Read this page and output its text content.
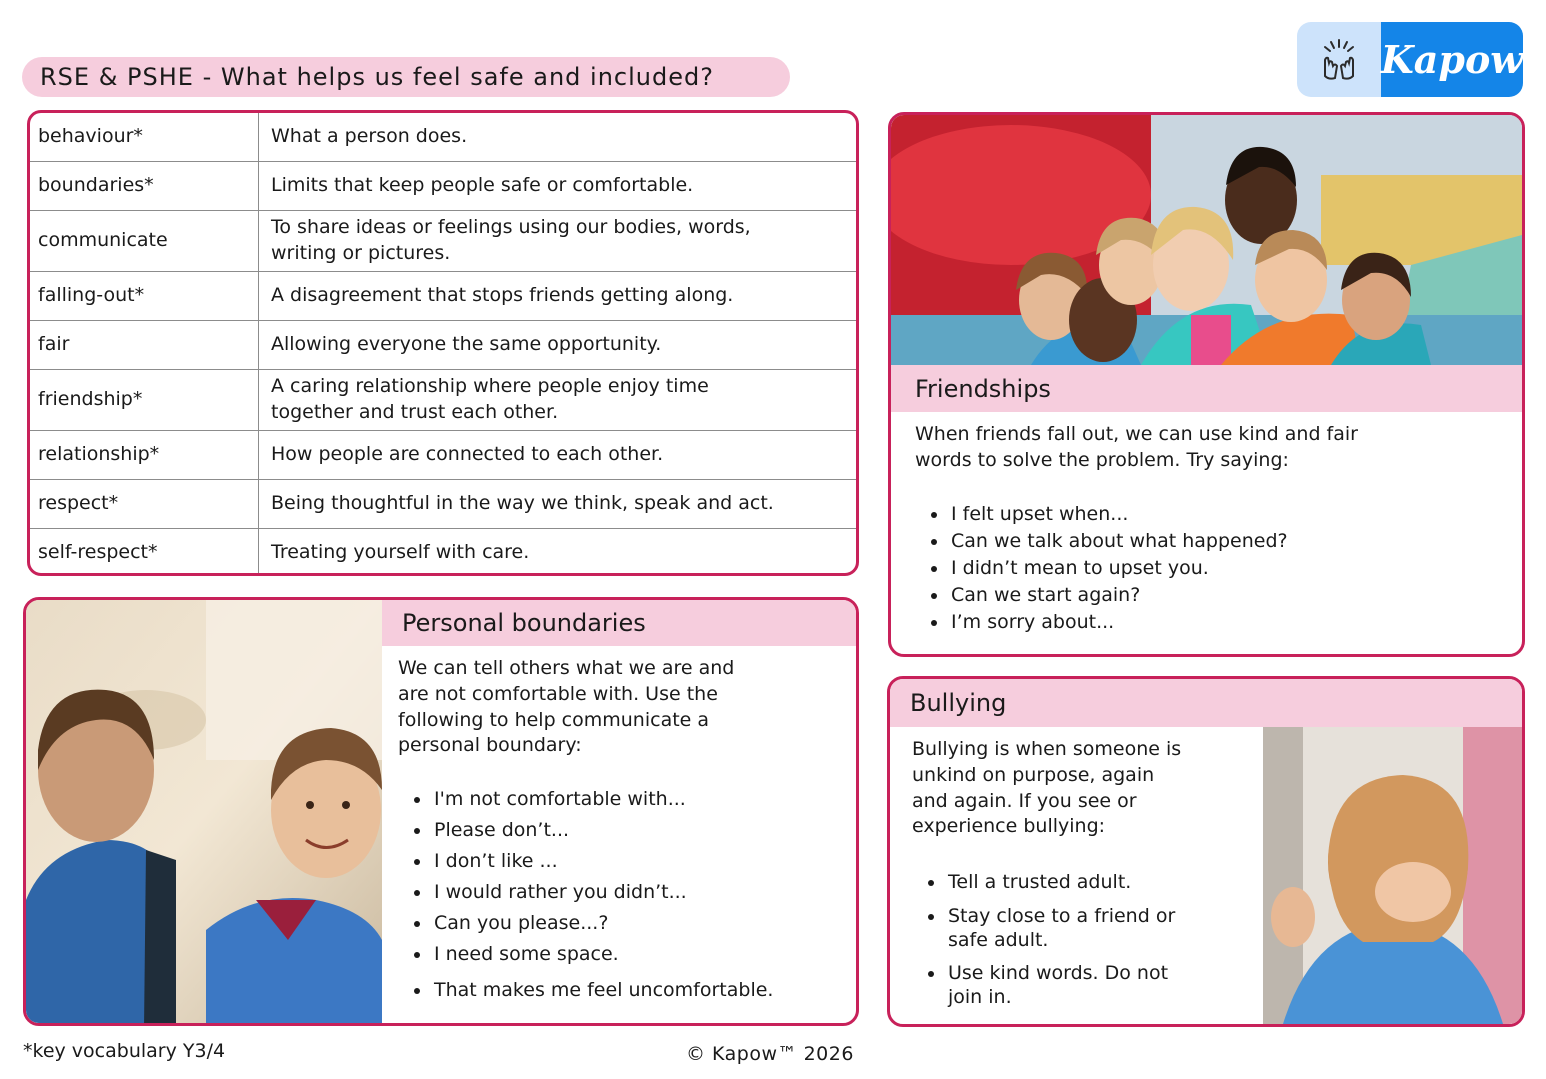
RSE & PSHE - What helps us feel safe and included?	Kapow
behaviour*	What a person does.
boundaries*	Limits that keep people safe or comfortable.
communicate	To share ideas or feelings using our bodies, words,
writing or pictures.

falling-out*	A disagreement that stops friends getting along.
fair	Allowing everyone the same opportunity.
friendship*	A caring relationship where people enjoy time
together and trust each other.

relationship*	How people are connected to each other.
respect*	Being thoughtful in the way we think, speak and act.
self-respect*	Treating yourself with care.
Personal boundaries
We can tell others what we are and
are not comfortable with. Use the
following to help communicate a
personal boundary:
• I'm not comfortable with...
• Please don’t...
• I don’t like ...
• I would rather you didn’t...
• Can you please...?
• I need some space.
• That makes me feel uncomfortable.
Friendships
When friends fall out, we can use kind and fair
words to solve the problem. Try saying:
• I felt upset when...
• Can we talk about what happened?
• I didn’t mean to upset you.
• Can we start again?
• I’m sorry about...
Bullying
Bullying is when someone is
unkind on purpose, again
and again. If you see or
experience bullying:
• Tell a trusted adult.
• Stay close to a friend or
safe adult.
• Use kind words. Do not
join in.
*key vocabulary Y3/4	© Kapow™ 2026
